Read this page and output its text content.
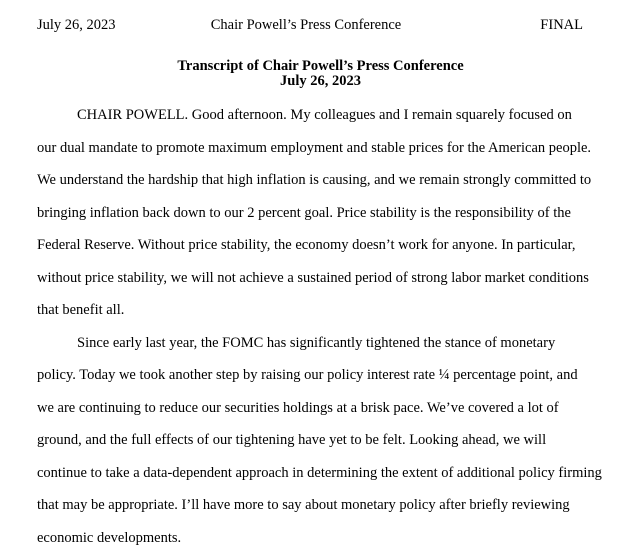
July 26, 2023	Chair Powell’s Press Conference	FINAL
Transcript of Chair Powell’s Press Conference
July 26, 2023
CHAIR POWELL. Good afternoon. My colleagues and I remain squarely focused on
our dual mandate to promote maximum employment and stable prices for the American people.
We understand the hardship that high inflation is causing, and we remain strongly committed to
bringing inflation back down to our 2 percent goal. Price stability is the responsibility of the
Federal Reserve. Without price stability, the economy doesn’t work for anyone. In particular,
without price stability, we will not achieve a sustained period of strong labor market conditions
that benefit all.
Since early last year, the FOMC has significantly tightened the stance of monetary
policy. Today we took another step by raising our policy interest rate ¼ percentage point, and
we are continuing to reduce our securities holdings at a brisk pace. We’ve covered a lot of
ground, and the full effects of our tightening have yet to be felt. Looking ahead, we will
continue to take a data-dependent approach in determining the extent of additional policy firming
that may be appropriate. I’ll have more to say about monetary policy after briefly reviewing
economic developments.
